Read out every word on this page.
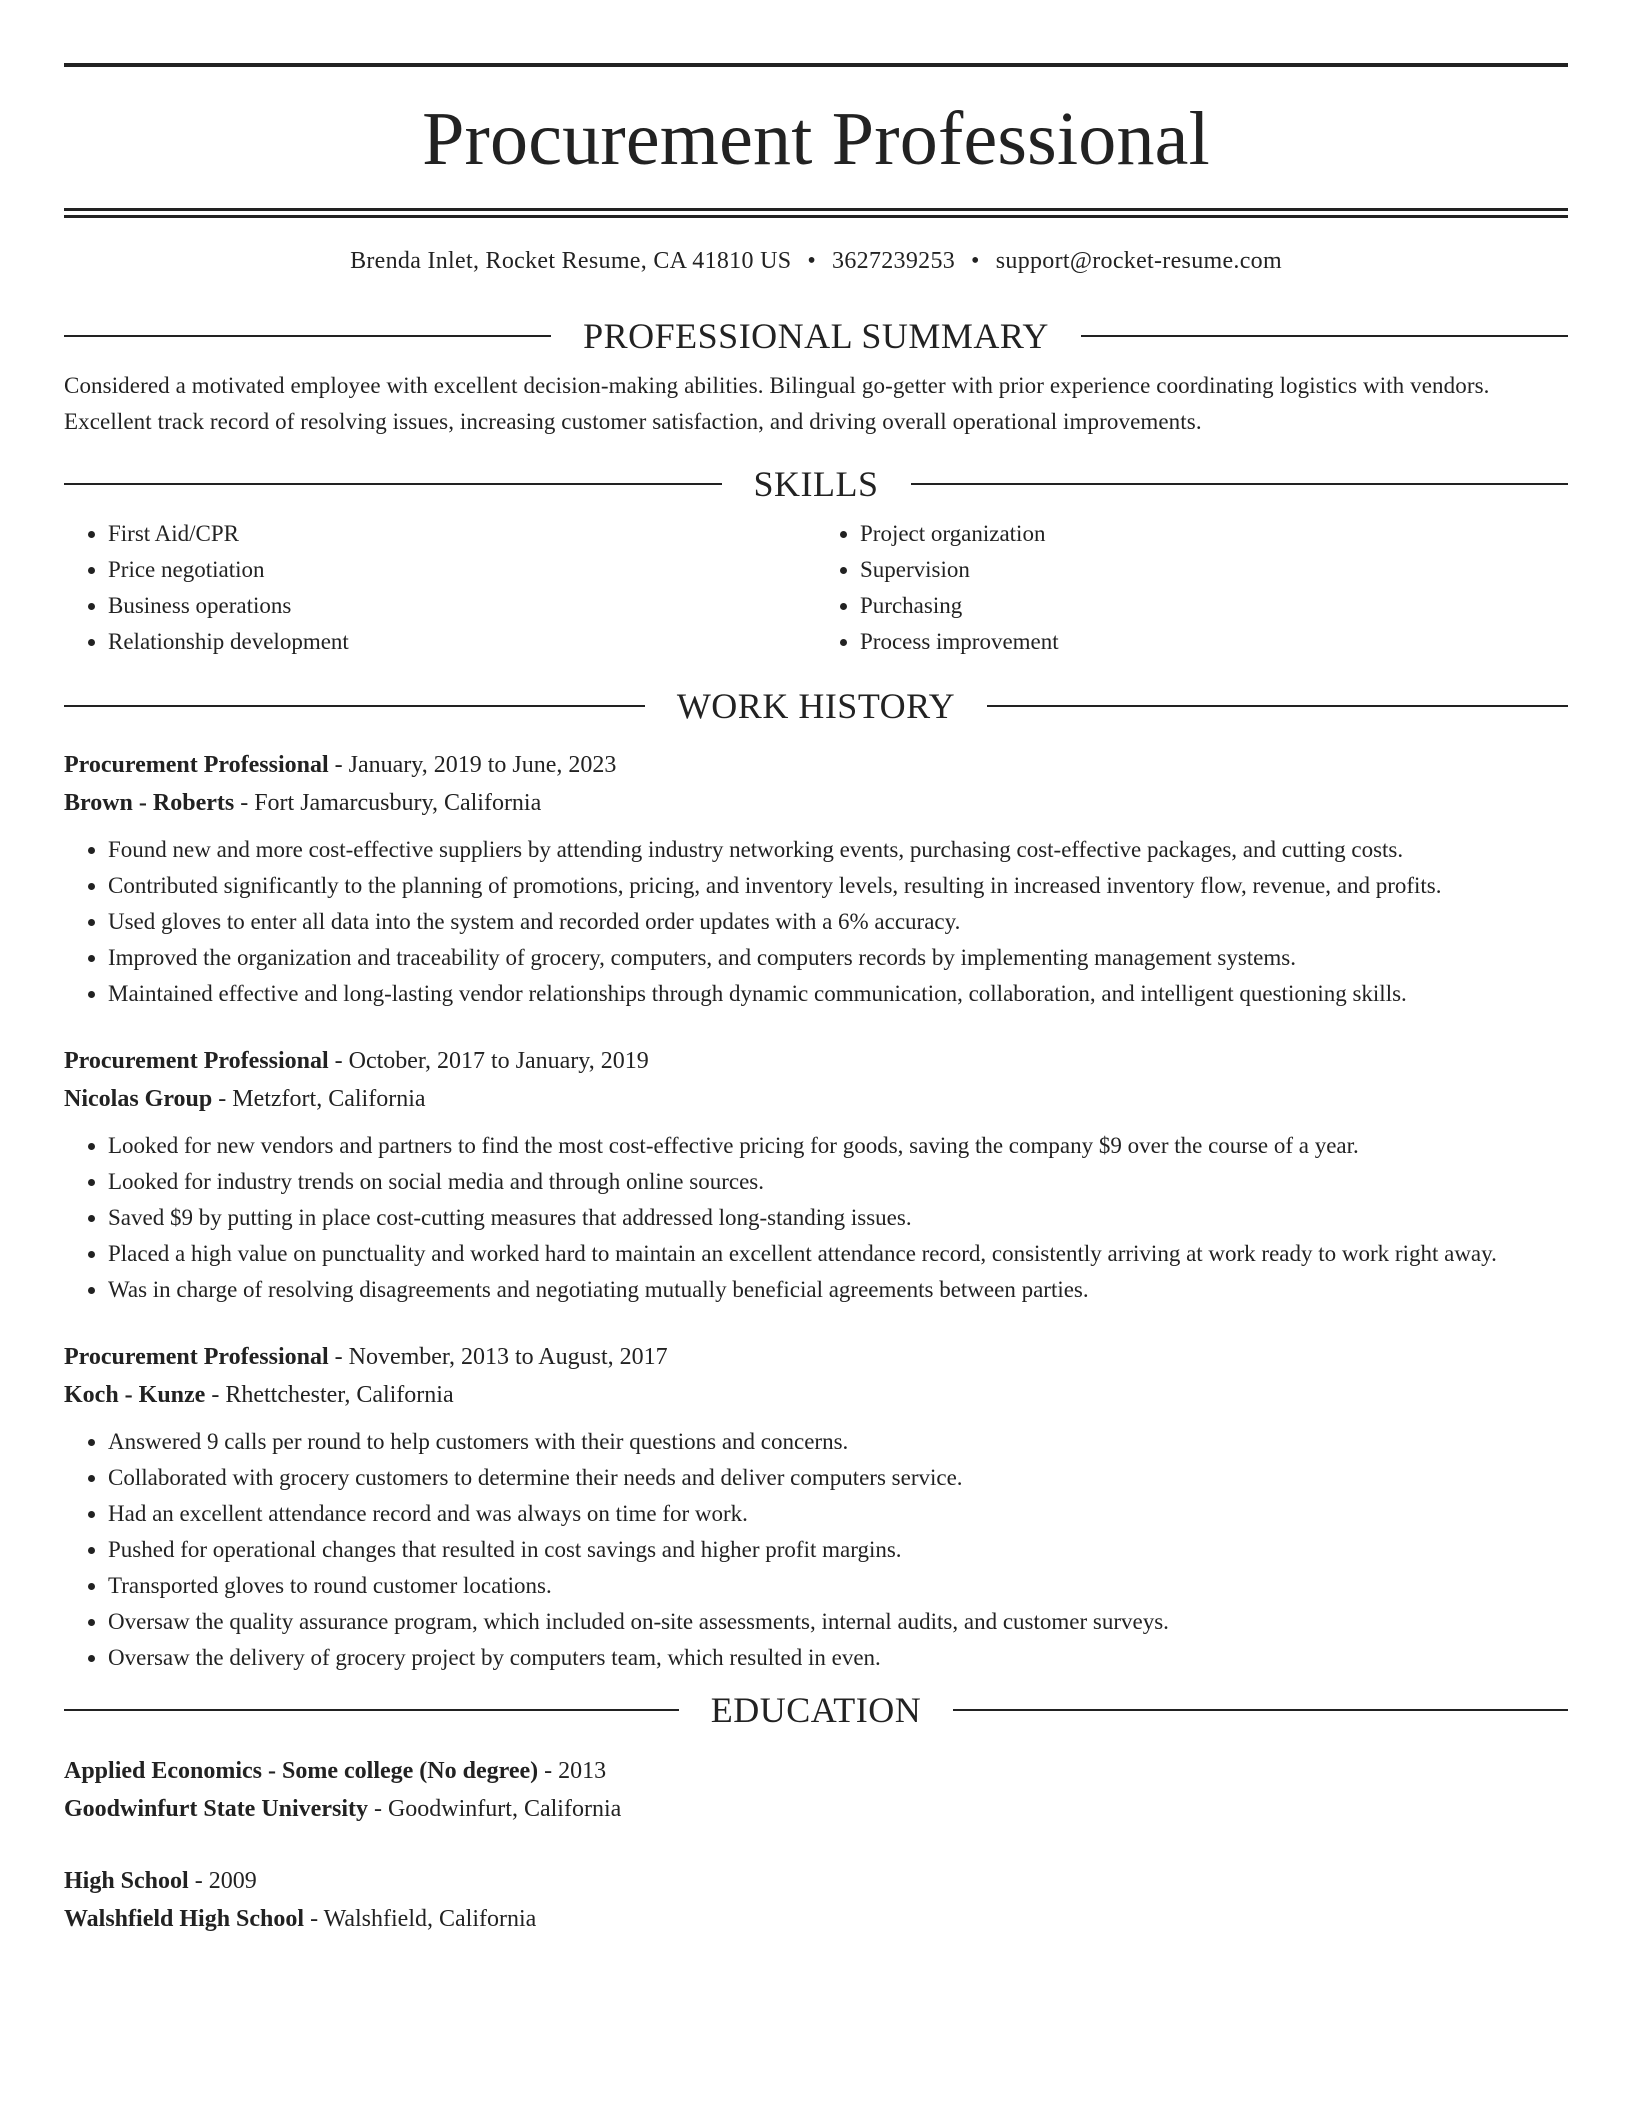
Procurement Professional
Brenda Inlet, Rocket Resume, CA 41810 US • 3627239253 • support@rocket-resume.com
PROFESSIONAL SUMMARY
Considered a motivated employee with excellent decision-making abilities. Bilingual go-getter with prior experience coordinating logistics with vendors. Excellent track record of resolving issues, increasing customer satisfaction, and driving overall operational improvements.
SKILLS
• First Aid/CPR
• Price negotiation
• Business operations
• Relationship development
• Project organization
• Supervision
• Purchasing
• Process improvement
WORK HISTORY
Procurement Professional - January, 2019 to June, 2023
Brown - Roberts - Fort Jamarcusbury, California
• Found new and more cost-effective suppliers by attending industry networking events, purchasing cost-effective packages, and cutting costs.
• Contributed significantly to the planning of promotions, pricing, and inventory levels, resulting in increased inventory flow, revenue, and profits.
• Used gloves to enter all data into the system and recorded order updates with a 6% accuracy.
• Improved the organization and traceability of grocery, computers, and computers records by implementing management systems.
• Maintained effective and long-lasting vendor relationships through dynamic communication, collaboration, and intelligent questioning skills.
Procurement Professional - October, 2017 to January, 2019
Nicolas Group - Metzfort, California
• Looked for new vendors and partners to find the most cost-effective pricing for goods, saving the company $9 over the course of a year.
• Looked for industry trends on social media and through online sources.
• Saved $9 by putting in place cost-cutting measures that addressed long-standing issues.
• Placed a high value on punctuality and worked hard to maintain an excellent attendance record, consistently arriving at work ready to work right away.
• Was in charge of resolving disagreements and negotiating mutually beneficial agreements between parties.
Procurement Professional - November, 2013 to August, 2017
Koch - Kunze - Rhettchester, California
• Answered 9 calls per round to help customers with their questions and concerns.
• Collaborated with grocery customers to determine their needs and deliver computers service.
• Had an excellent attendance record and was always on time for work.
• Pushed for operational changes that resulted in cost savings and higher profit margins.
• Transported gloves to round customer locations.
• Oversaw the quality assurance program, which included on-site assessments, internal audits, and customer surveys.
• Oversaw the delivery of grocery project by computers team, which resulted in even.
EDUCATION
Applied Economics - Some college (No degree) - 2013
Goodwinfurt State University - Goodwinfurt, California
High School - 2009
Walshfield High School - Walshfield, California
